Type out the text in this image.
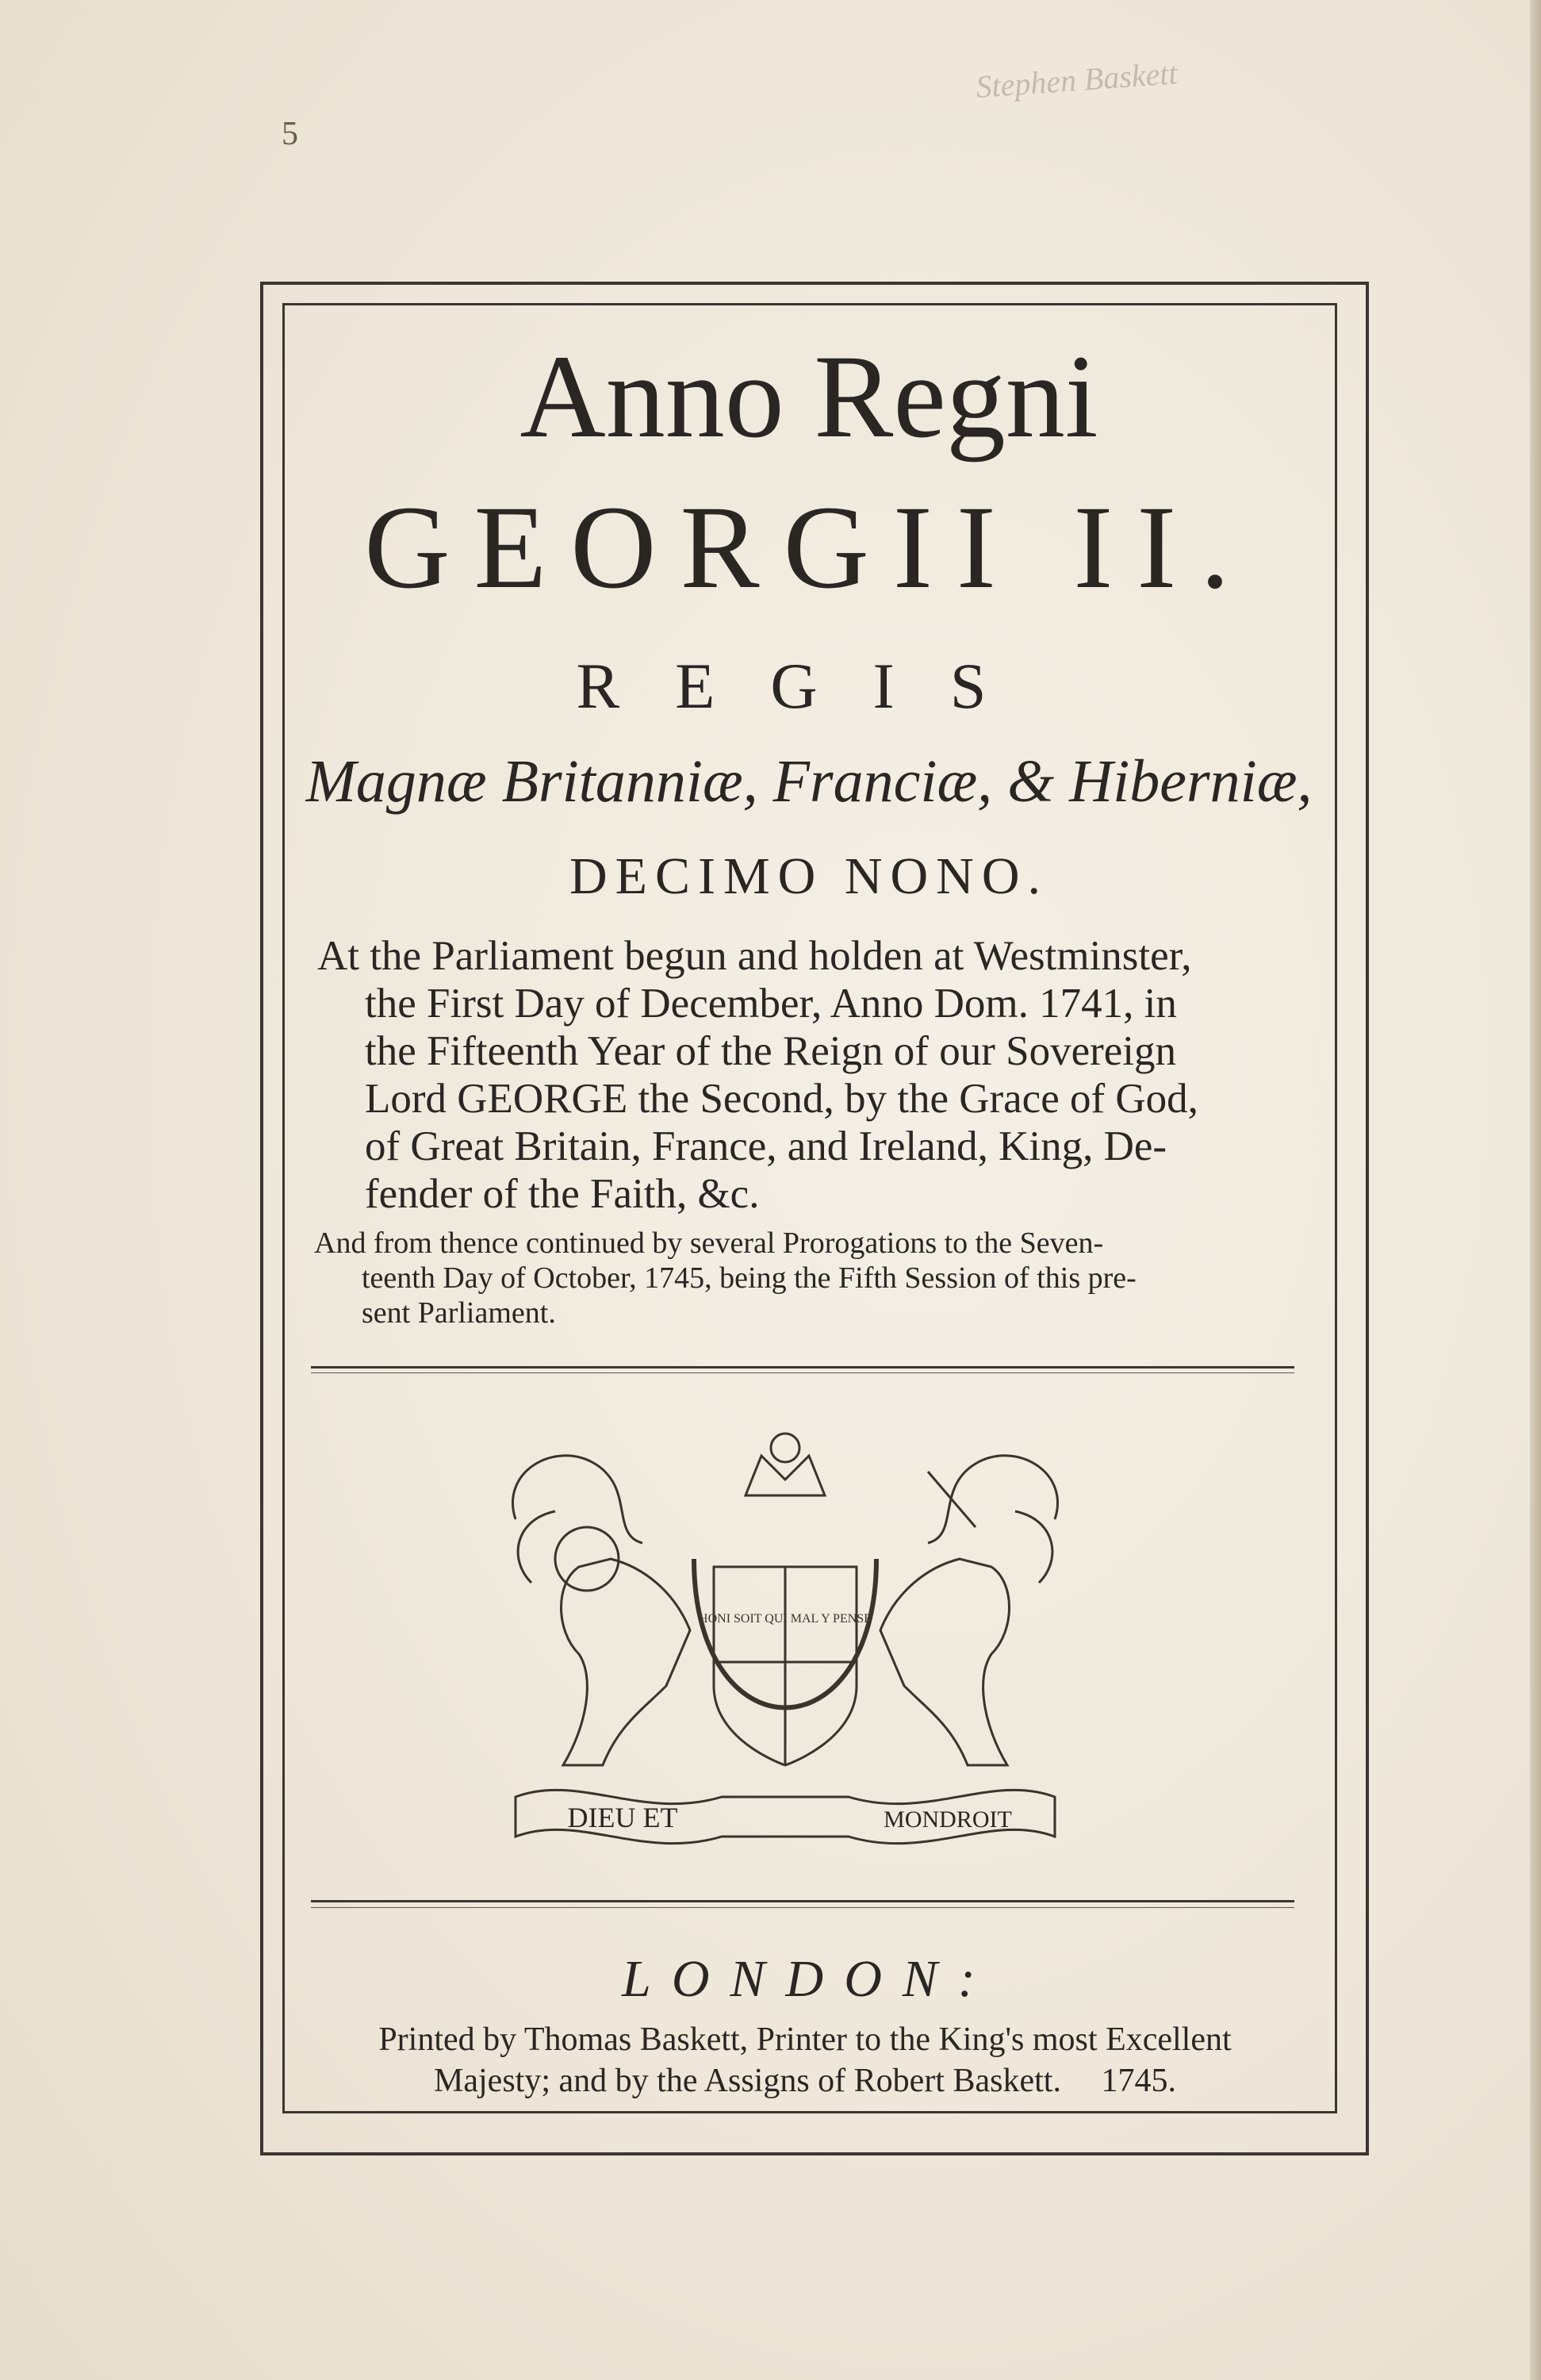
5
Stephen Baskett
Anno Regni
GEORGII II.
REGIS
Magnæ Britanniæ, Franciæ, & Hiberniæ,
DECIMO NONO.
At the Parliament begun and holden at Westminster,
the First Day of December, Anno Dom. 1741, in
the Fifteenth Year of the Reign of our Sovereign
Lord GEORGE the Second, by the Grace of God,
of Great Britain, France, and Ireland, King, De-
fender of the Faith, &c.
And from thence continued by several Prorogations to the Seven-
teenth Day of October, 1745, being the Fifth Session of this pre-
sent Parliament.
HONI SOIT QUI MAL Y PENSE
DIEU ET	MONDROIT
LONDON:
Printed by Thomas Baskett, Printer to the King's most Excellent
Majesty; and by the Assigns of Robert Baskett. 1745.
